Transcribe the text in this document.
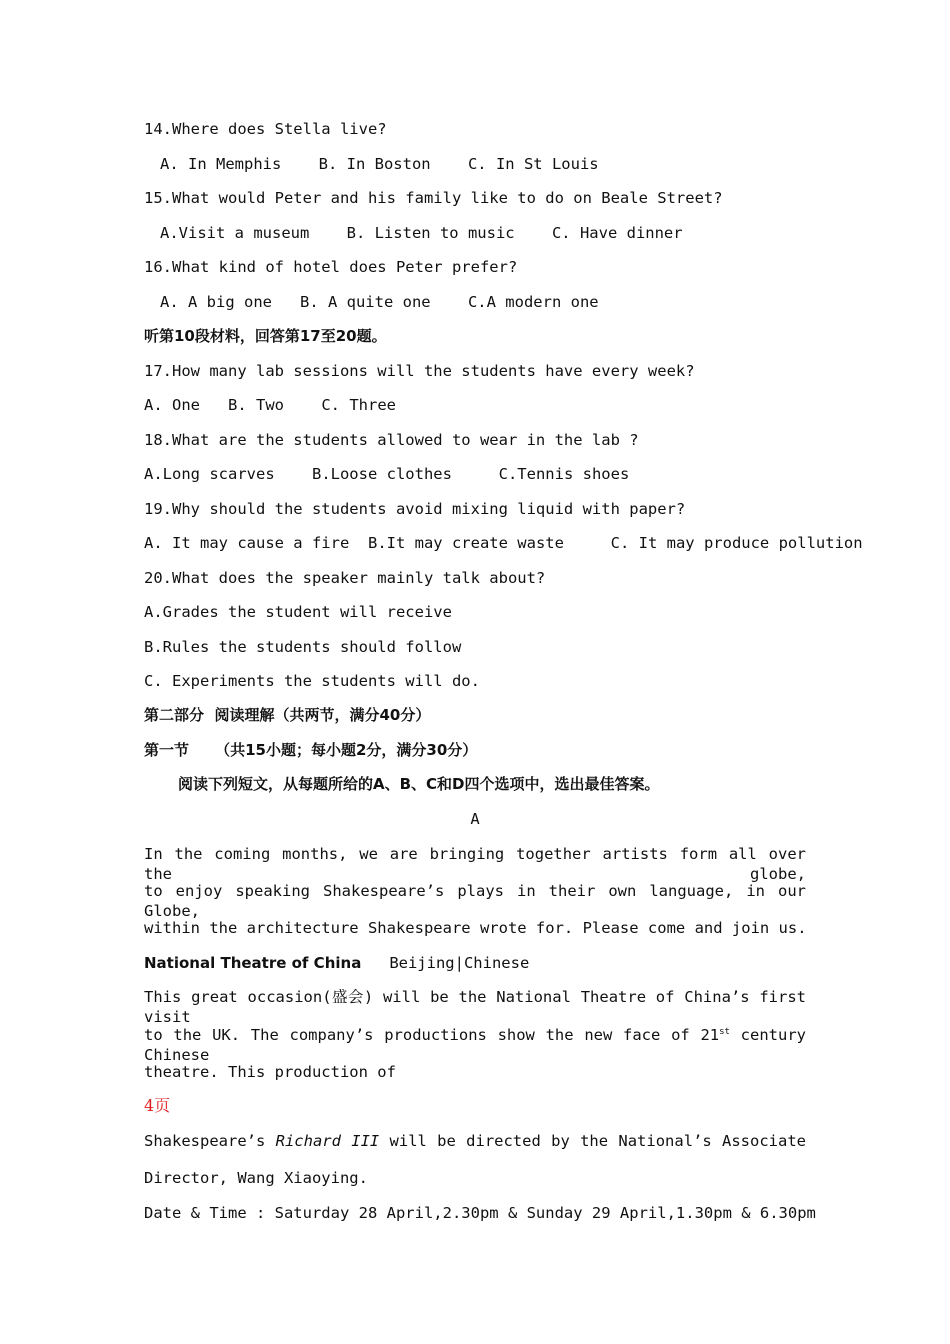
14.Where does Stella live?
A. In Memphis B. In Boston C. In St Louis
15.What would Peter and his family like to do on Beale Street?
A.Visit a museum B. Listen to music C. Have dinner
16.What kind of hotel does Peter prefer?
A. A big one B. A quite one C.A modern one
听第10段材料，回答第17至20题。
17.How many lab sessions will the students have every week?
A. One B. Two C. Three
18.What are the students allowed to wear in the lab ?
A.Long scarves B.Loose clothes	C.Tennis shoes
19.Why should the students avoid mixing liquid with paper?
A. It may cause a fire B.It may create waste	C. It may produce pollution
20.What does the speaker mainly talk about?
A.Grades the student will receive
B.Rules the students should follow
C. Experiments the students will do.
第二部分  阅读理解（共两节，满分40分）
第一节     （共15小题；每小题2分，满分30分）
阅读下列短文，从每题所给的A、B、C和D四个选项中，选出最佳答案。
A
In the coming months, we are bringing together artists form all over the globe,
to enjoy speaking Shakespeare’s plays in their own language, in our Globe,
within the architecture Shakespeare wrote for. Please come and join us.
National Theatre of China Beijing|Chinese
This great occasion(盛会) will be the National Theatre of China’s first visit
to the UK. The company’s productions show the new face of 21st century Chinese
theatre. This production of
4页
Shakespeare’s Richard III will be directed by the National’s Associate
Director, Wang Xiaoying.
Date & Time : Saturday 28 April,2.30pm & Sunday 29 April,1.30pm & 6.30pm
